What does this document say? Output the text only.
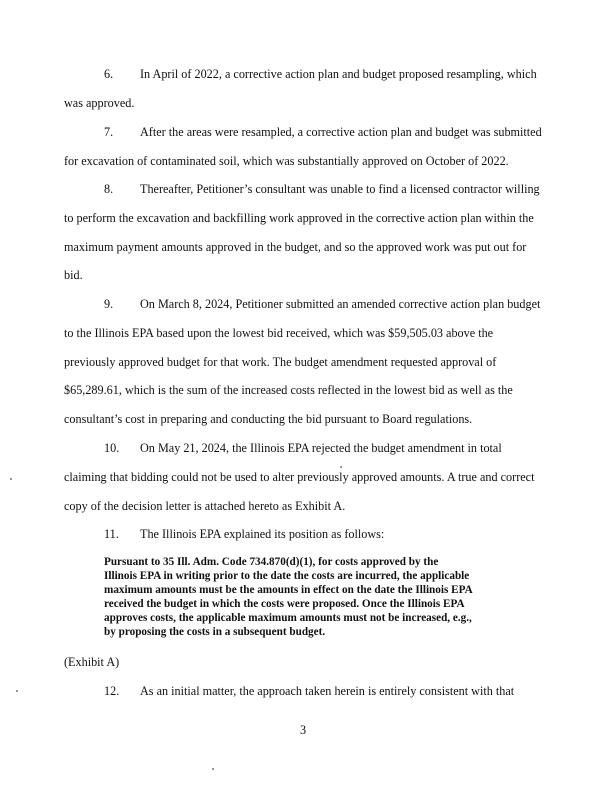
6. In April of 2022, a corrective action plan and budget proposed resampling, which
was approved.
7. After the areas were resampled, a corrective action plan and budget was submitted
for excavation of contaminated soil, which was substantially approved on October of 2022.
8. Thereafter, Petitioner’s consultant was unable to find a licensed contractor willing
to perform the excavation and backfilling work approved in the corrective action plan within the
maximum payment amounts approved in the budget, and so the approved work was put out for
bid.
9. On March 8, 2024, Petitioner submitted an amended corrective action plan budget
to the Illinois EPA based upon the lowest bid received, which was $59,505.03 above the
previously approved budget for that work. The budget amendment requested approval of
$65,289.61, which is the sum of the increased costs reflected in the lowest bid as well as the
consultant’s cost in preparing and conducting the bid pursuant to Board regulations.
10. On May 21, 2024, the Illinois EPA rejected the budget amendment in total
claiming that bidding could not be used to alter previously approved amounts. A true and correct
copy of the decision letter is attached hereto as Exhibit A.
11. The Illinois EPA explained its position as follows:
Pursuant to 35 Ill. Adm. Code 734.870(d)(1), for costs approved by the
Illinois EPA in writing prior to the date the costs are incurred, the applicable
maximum amounts must be the amounts in effect on the date the Illinois EPA
received the budget in which the costs were proposed. Once the Illinois EPA
approves costs, the applicable maximum amounts must not be increased, e.g.,
by proposing the costs in a subsequent budget.
(Exhibit A)
12. As an initial matter, the approach taken herein is entirely consistent with that
3
